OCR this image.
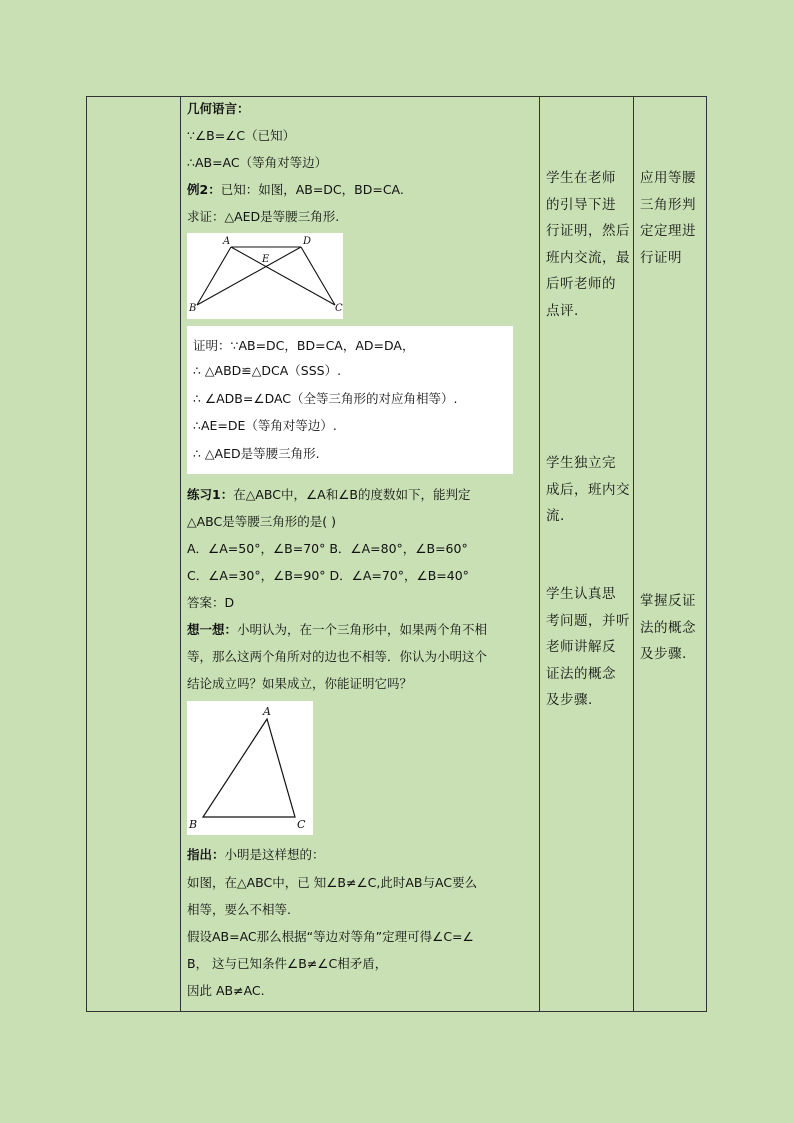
几何语言：
∵∠B=∠C（已知）
∴AB=AC（等角对等边）
例2：已知：如图，AB=DC，BD=CA.
求证：△AED是等腰三角形.
A	D
E
B	C
证明：∵AB=DC，BD=CA，AD=DA，
∴ △ABD≌△DCA（SSS）.
∴ ∠ADB=∠DAC（全等三角形的对应角相等）.
∴AE=DE（等角对等边）.
∴ △AED是等腰三角形.
练习1：在△ABC中，∠A和∠B的度数如下，能判定
△ABC是等腰三角形的是( )
A．∠A=50°，∠B=70° B．∠A=80°，∠B=60°
C．∠A=30°，∠B=90° D．∠A=70°，∠B=40°
答案：D
想一想：小明认为，在一个三角形中，如果两个角不相
等，那么这两个角所对的边也不相等．你认为小明这个
结论成立吗？如果成立，你能证明它吗？
A
B	C
指出：小明是这样想的：
如图，在△ABC中，已 知∠B≠∠C,此时AB与AC要么
相等，要么不相等.
假设AB=AC那么根据“等边对等角”定理可得∠C=∠
B， 这与已知条件∠B≠∠C相矛盾，
因此 AB≠AC.
学生在老师
的引导下进
行证明，然后
班内交流，最
后听老师的
点评.
学生独立完
成后，班内交
流.
学生认真思
考问题，并听
老师讲解反
证法的概念
及步骤.
应用等腰
三角形判
定定理进
行证明
掌握反证
法的概念
及步骤.
